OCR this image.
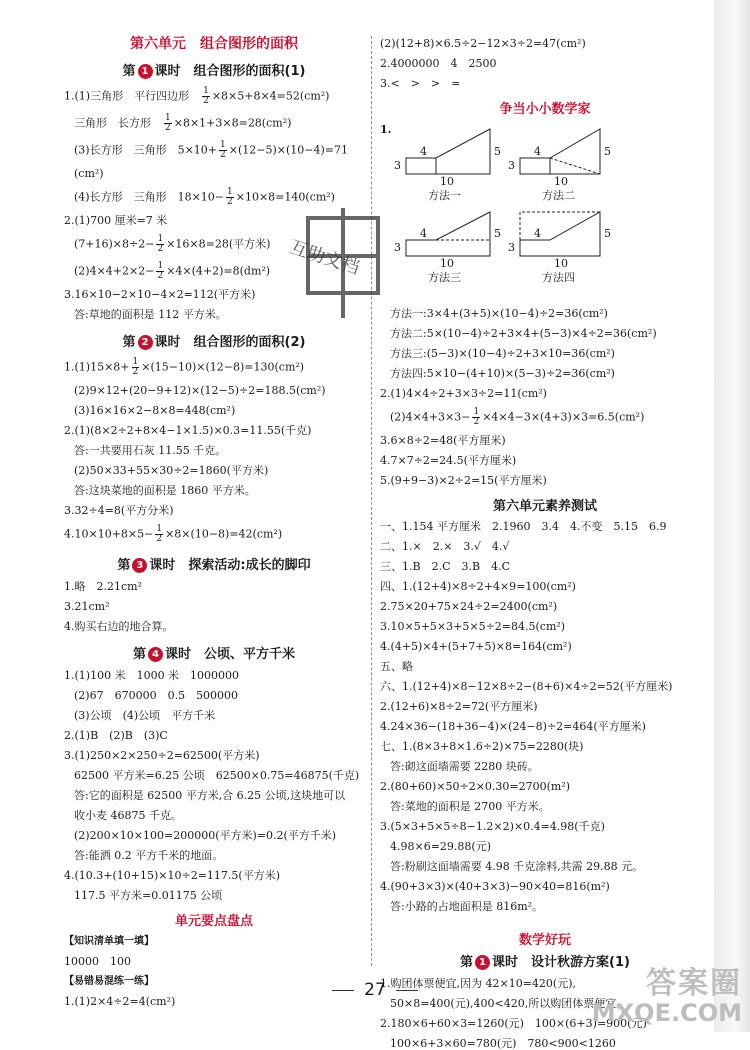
第六单元　组合图形的面积
第 1 课时　组合图形的面积(1)
1.(1)三角形　平行四边形　 $\frac{1}{2} \times 8\times 5+8\times 4=52(cm^2)$
三角形　长方形　 $\frac{1}{2} \times 8\times 1+3\times 8=28(cm^2)$
(3)长方形　三角形　$5\times 10+ \frac{1}{2} \times(12-5)\times(10-4)=71$
(cm²)
(4)长方形　三角形　$18\times 10- \frac{1}{2} \times 10\times 8=140(cm^2)$
2.(1)700 厘米=7 米
$(7+16)\times 8\div 2- \frac{1}{2} \times 16\times 8=28$(平方米)
$(2)4\times 4+2\times 2- \frac{1}{2} \times 4\times(4+2)=8(dm^2)$
3.16×10−2×10−4×2=112(平方米)
答:草地的面积是 112 平方米。
第 2 课时　组合图形的面积(2)
$1.(1)15\times 8+ \frac{1}{2} \times(15-10)\times(12-8)=130(cm^2)$
(2)9×12+(20−9+12)×(12−5)÷2=188.5(cm²)
(3)16×16×2−8×8=448(cm²)
2.(1)(8×2÷2+8×4−1×1.5)×0.3=11.55(千克)
答:一共要用石灰 11.55 千克。
(2)50×33+55×30÷2=1860(平方米)
答:这块菜地的面积是 1860 平方米。
3.32÷4=8(平方分米)
$4.10\times 10+8\times 5- \frac{1}{2} \times 8\times(10-8)=42(cm^2)$
第 3 课时　探索活动:成长的脚印
1.略　2.21cm²
3.21cm²
4.购买右边的地合算。
第 4 课时　公顷、平方千米
1.(1)100 米　1000 米　1000000
(2)67　670000　0.5　500000
(3)公顷　(4)公顷　平方千米
2.(1)B　(2)B　(3)C
3.(1)250×2×250÷2=62500(平方米)
62500 平方米=6.25 公顷　62500×0.75=46875(千克)
答:它的面积是 62500 平方米,合 6.25 公顷,这块地可以
收小麦 46875 千克。
(2)200×10×100=200000(平方米)=0.2(平方千米)
答:能洒 0.2 平方千米的地面。
4.(10.3+(10+15)×10÷2=117.5(平方米)
117.5 平方米=0.01175 公顷
单元要点盘点
【知识清单填一填】
10000　100
【易错易混练一练】
1.(1)2×4÷2=4(cm²)
(2)(12+8)×6.5÷2−12×3÷2=47(cm²)
2.4000000　4　2500
3.<　>　>　=
争当小小数学家
1.
3
4	5
10
方法一
3
4	5
10
方法二
3
4	5
10
方法三
3
4	5
10
方法四
方法一:3×4+(3+5)×(10−4)÷2=36(cm²)
方法二:5×(10−4)÷2+3×4+(5−3)×4÷2=36(cm²)
方法三:(5−3)×(10−4)÷2+3×10=36(cm²)
方法四:5×10−(4+10)×(5−3)÷2=36(cm²)
2.(1)4×4÷2+3×3÷2=11(cm²)
$(2)4\times 4+3\times 3- \frac{1}{2} \times 4\times 4-3\times(4+3)\times 3=6.5(cm^2)$
3.6×8÷2=48(平方厘米)
4.7×7÷2=24.5(平方厘米)
5.(9+9−3)×2÷2=15(平方厘米)
第六单元素养测试
一、1.154 平方厘米　2.1960　3.4　4.不变　5.15　6.9
二、1.×　2.×　3.√　4.√
三、1.B　2.C　3.B　4.C
四、1.(12+4)×8÷2+4×9=100(cm²)
2.75×20+75×24÷2=2400(cm²)
3.10×5+5×3+5×5÷2=84.5(cm²)
4.(4+5)×4+(5+7+5)×8=164(cm²)
五、略
六、1.(12+4)×8−12×8÷2−(8+6)×4÷2=52(平方厘米)
2.(12+6)×8÷2=72(平方厘米)
4.24×36−(18+36−4)×(24−8)÷2=464(平方厘米)
七、1.(8×3+8×1.6÷2)×75=2280(块)
答:砌这面墙需要 2280 块砖。
2.(80+60)×50÷2×0.30=2700(m²)
答:菜地的面积是 2700 平方米。
3.(5×3+5×5÷8−1.2×2)×0.4=4.98(千克)
4.98×6=29.88(元)
答:粉刷这面墙需要 4.98 千克涂料,共需 29.88 元。
4.(90+3×3)×(40+3×3)−90×40=816(m²)
答:小路的占地面积是 816m²。
数学好玩
第 1 课时　设计秋游方案(1)
1.购团体票便宜,因为 42×10=420(元),
50×8=400(元),400<420,所以购团体票便宜。
2.180×6+60×3=1260(元)　100×(6+3)=900(元)
100×6+3×60=780(元)　780<900<1260
互助文档
27	答案圈
MXQE.COM
